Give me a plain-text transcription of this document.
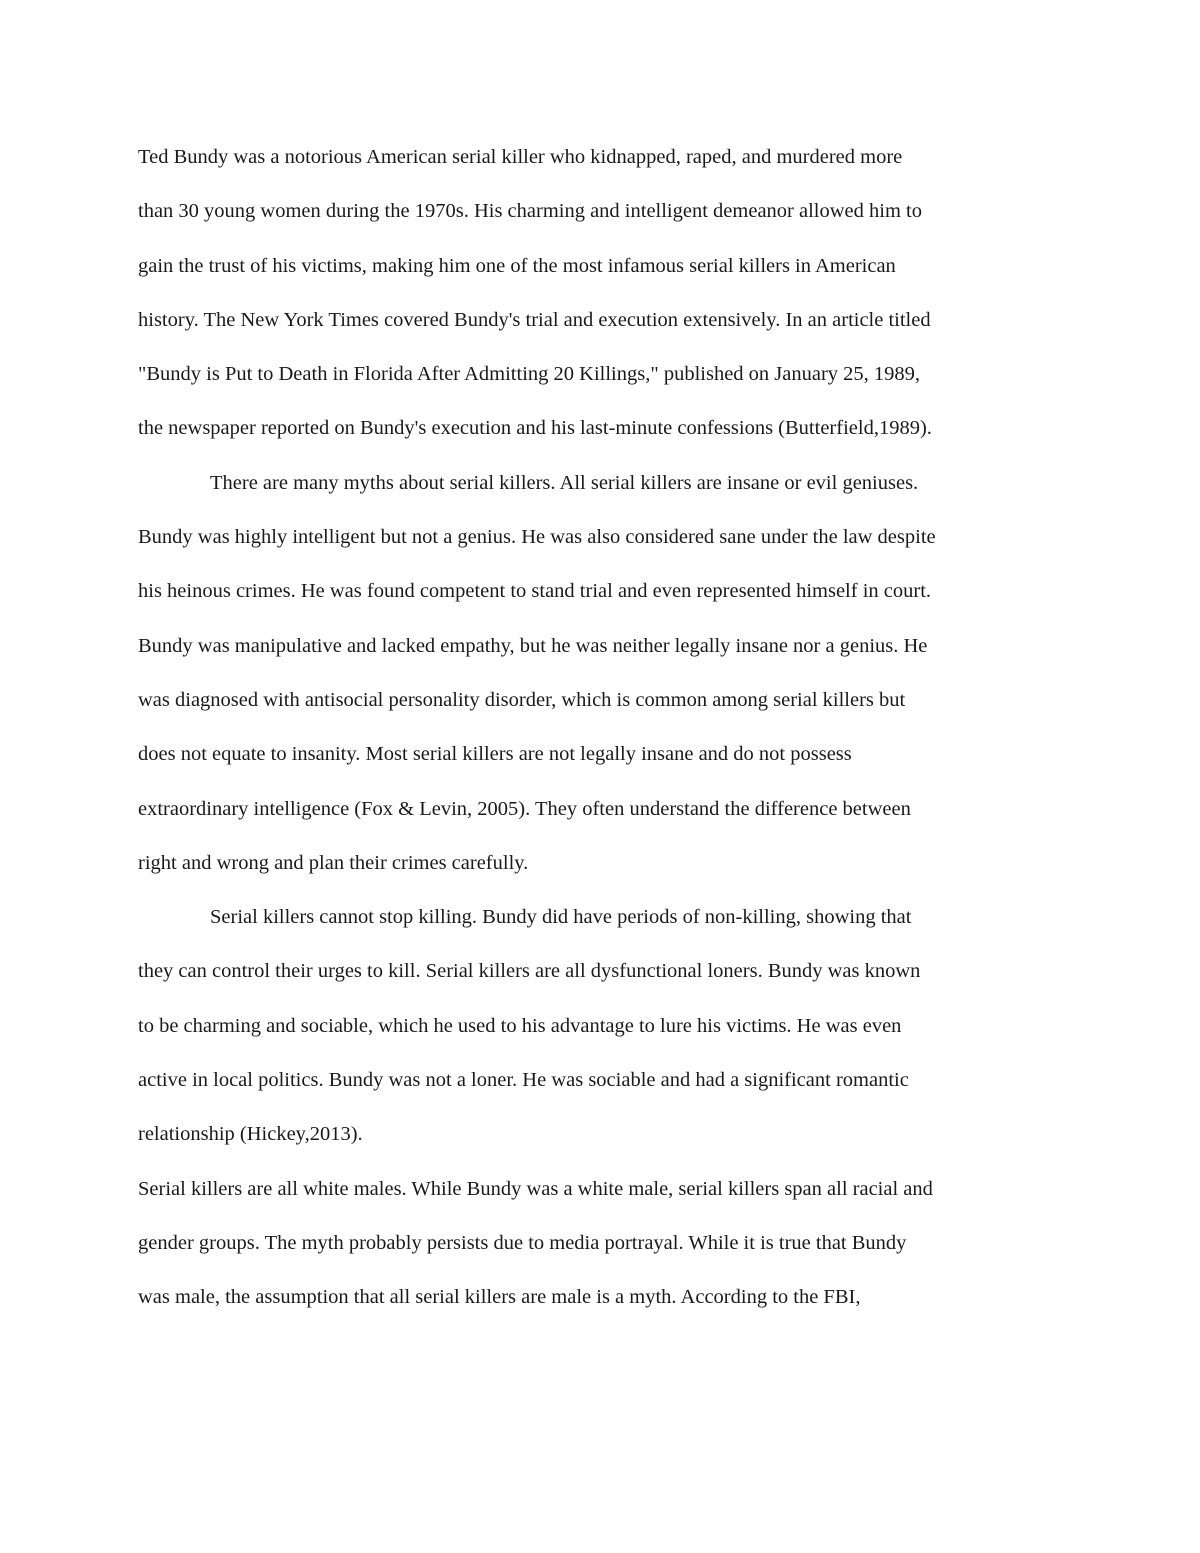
Ted Bundy was a notorious American serial killer who kidnapped, raped, and murdered more
than 30 young women during the 1970s. His charming and intelligent demeanor allowed him to
gain the trust of his victims, making him one of the most infamous serial killers in American
history. The New York Times covered Bundy's trial and execution extensively. In an article titled
"Bundy is Put to Death in Florida After Admitting 20 Killings," published on January 25, 1989,
the newspaper reported on Bundy's execution and his last-minute confessions (Butterfield,1989).
There are many myths about serial killers. All serial killers are insane or evil geniuses.
Bundy was highly intelligent but not a genius. He was also considered sane under the law despite
his heinous crimes. He was found competent to stand trial and even represented himself in court.
Bundy was manipulative and lacked empathy, but he was neither legally insane nor a genius. He
was diagnosed with antisocial personality disorder, which is common among serial killers but
does not equate to insanity. Most serial killers are not legally insane and do not possess
extraordinary intelligence (Fox & Levin, 2005). They often understand the difference between
right and wrong and plan their crimes carefully.
Serial killers cannot stop killing. Bundy did have periods of non-killing, showing that
they can control their urges to kill. Serial killers are all dysfunctional loners. Bundy was known
to be charming and sociable, which he used to his advantage to lure his victims. He was even
active in local politics. Bundy was not a loner. He was sociable and had a significant romantic
relationship (Hickey,2013).
Serial killers are all white males. While Bundy was a white male, serial killers span all racial and
gender groups. The myth probably persists due to media portrayal. While it is true that Bundy
was male, the assumption that all serial killers are male is a myth. According to the FBI,
